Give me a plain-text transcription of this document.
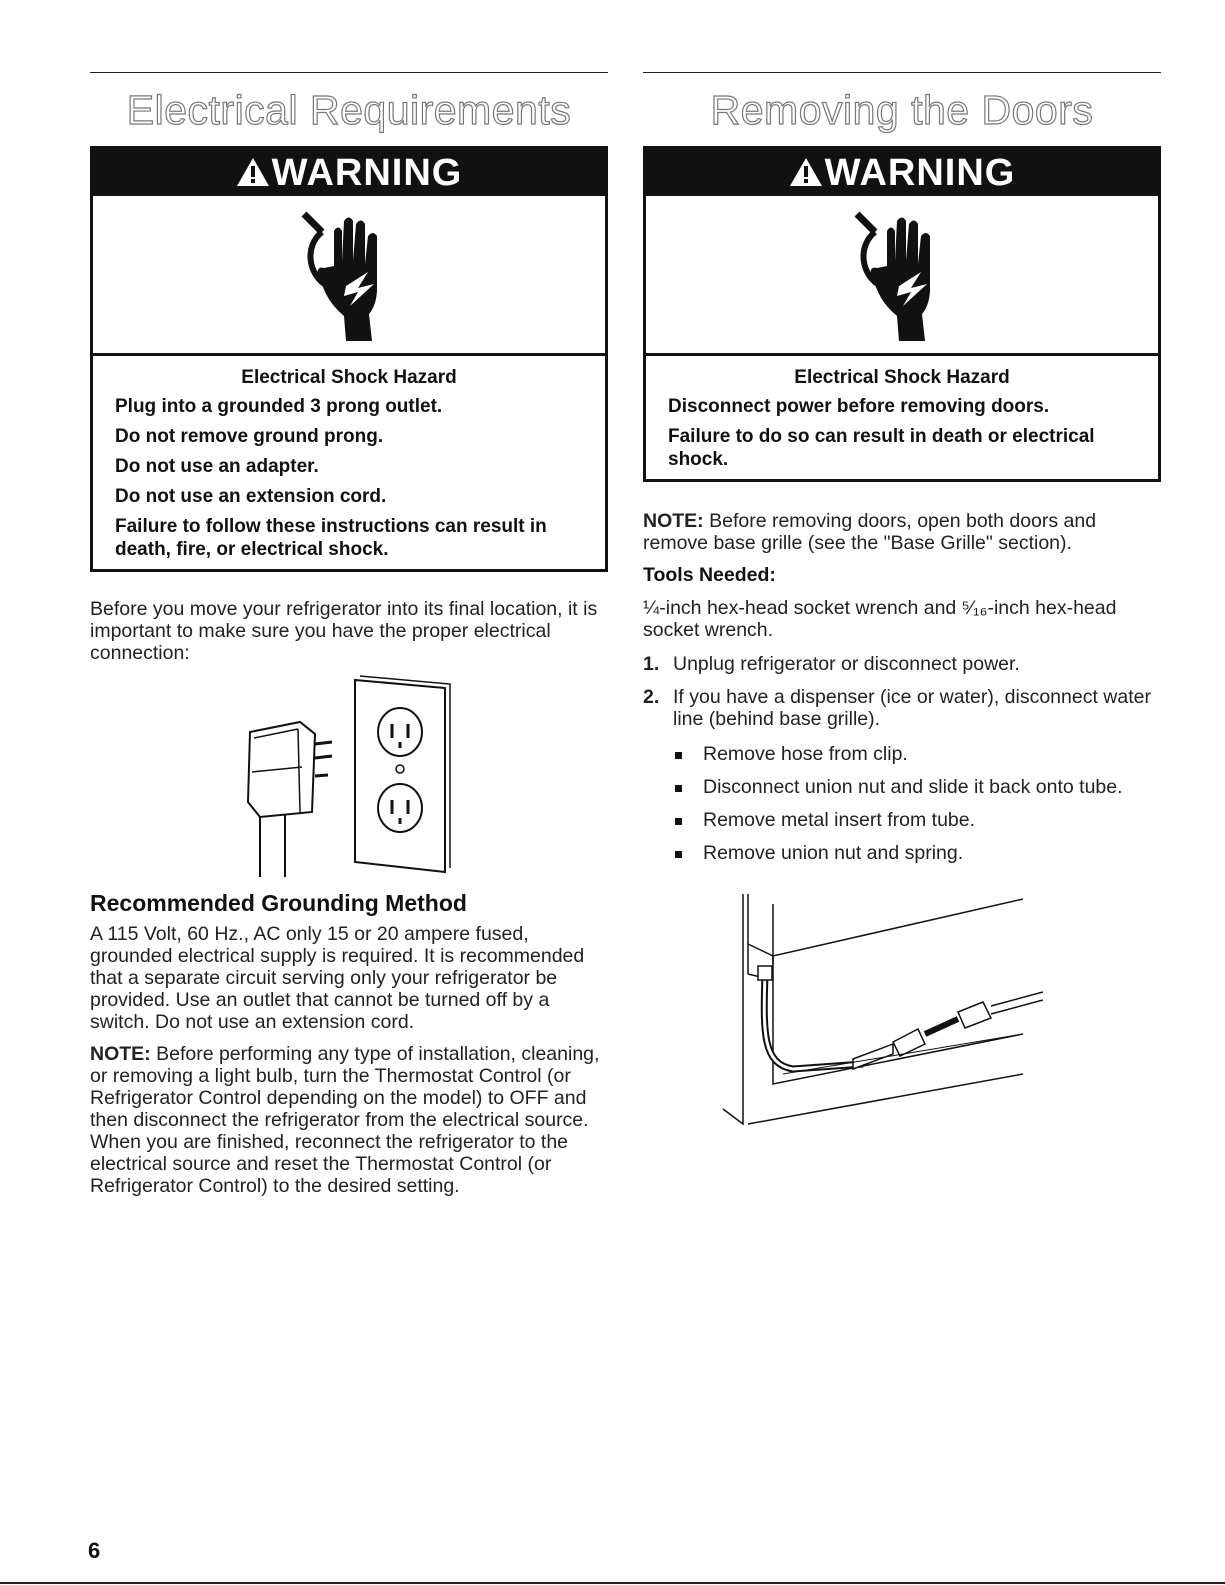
Electrical Requirements
WARNING
Electrical Shock Hazard

Plug into a grounded 3 prong outlet.

Do not remove ground prong.

Do not use an adapter.

Do not use an extension cord.

Failure to follow these instructions can result in death, fire, or electrical shock.

Before you move your refrigerator into its final location, it is important to make sure you have the proper electrical connection:

Recommended Grounding Method

A 115 Volt, 60 Hz., AC only 15 or 20 ampere fused, grounded electrical supply is required. It is recommended that a separate circuit serving only your refrigerator be provided. Use an outlet that cannot be turned off by a switch. Do not use an extension cord.

NOTE: Before performing any type of installation, cleaning, or removing a light bulb, turn the Thermostat Control (or Refrigerator Control depending on the model) to OFF and then disconnect the refrigerator from the electrical source. When you are finished, reconnect the refrigerator to the electrical source and reset the Thermostat Control (or Refrigerator Control) to the desired setting.

Removing the Doors
WARNING
Electrical Shock Hazard

Disconnect power before removing doors.

Failure to do so can result in death or electrical shock.

NOTE: Before removing doors, open both doors and remove base grille (see the "Base Grille" section).

Tools Needed:

¼-inch hex-head socket wrench and ⁵⁄₁₆-inch hex-head socket wrench.

1. Unplug refrigerator or disconnect power.
2. If you have a dispenser (ice or water), disconnect water line (behind base grille).
Remove hose from clip.
Disconnect union nut and slide it back onto tube.
Remove metal insert from tube.
Remove union nut and spring.
6
